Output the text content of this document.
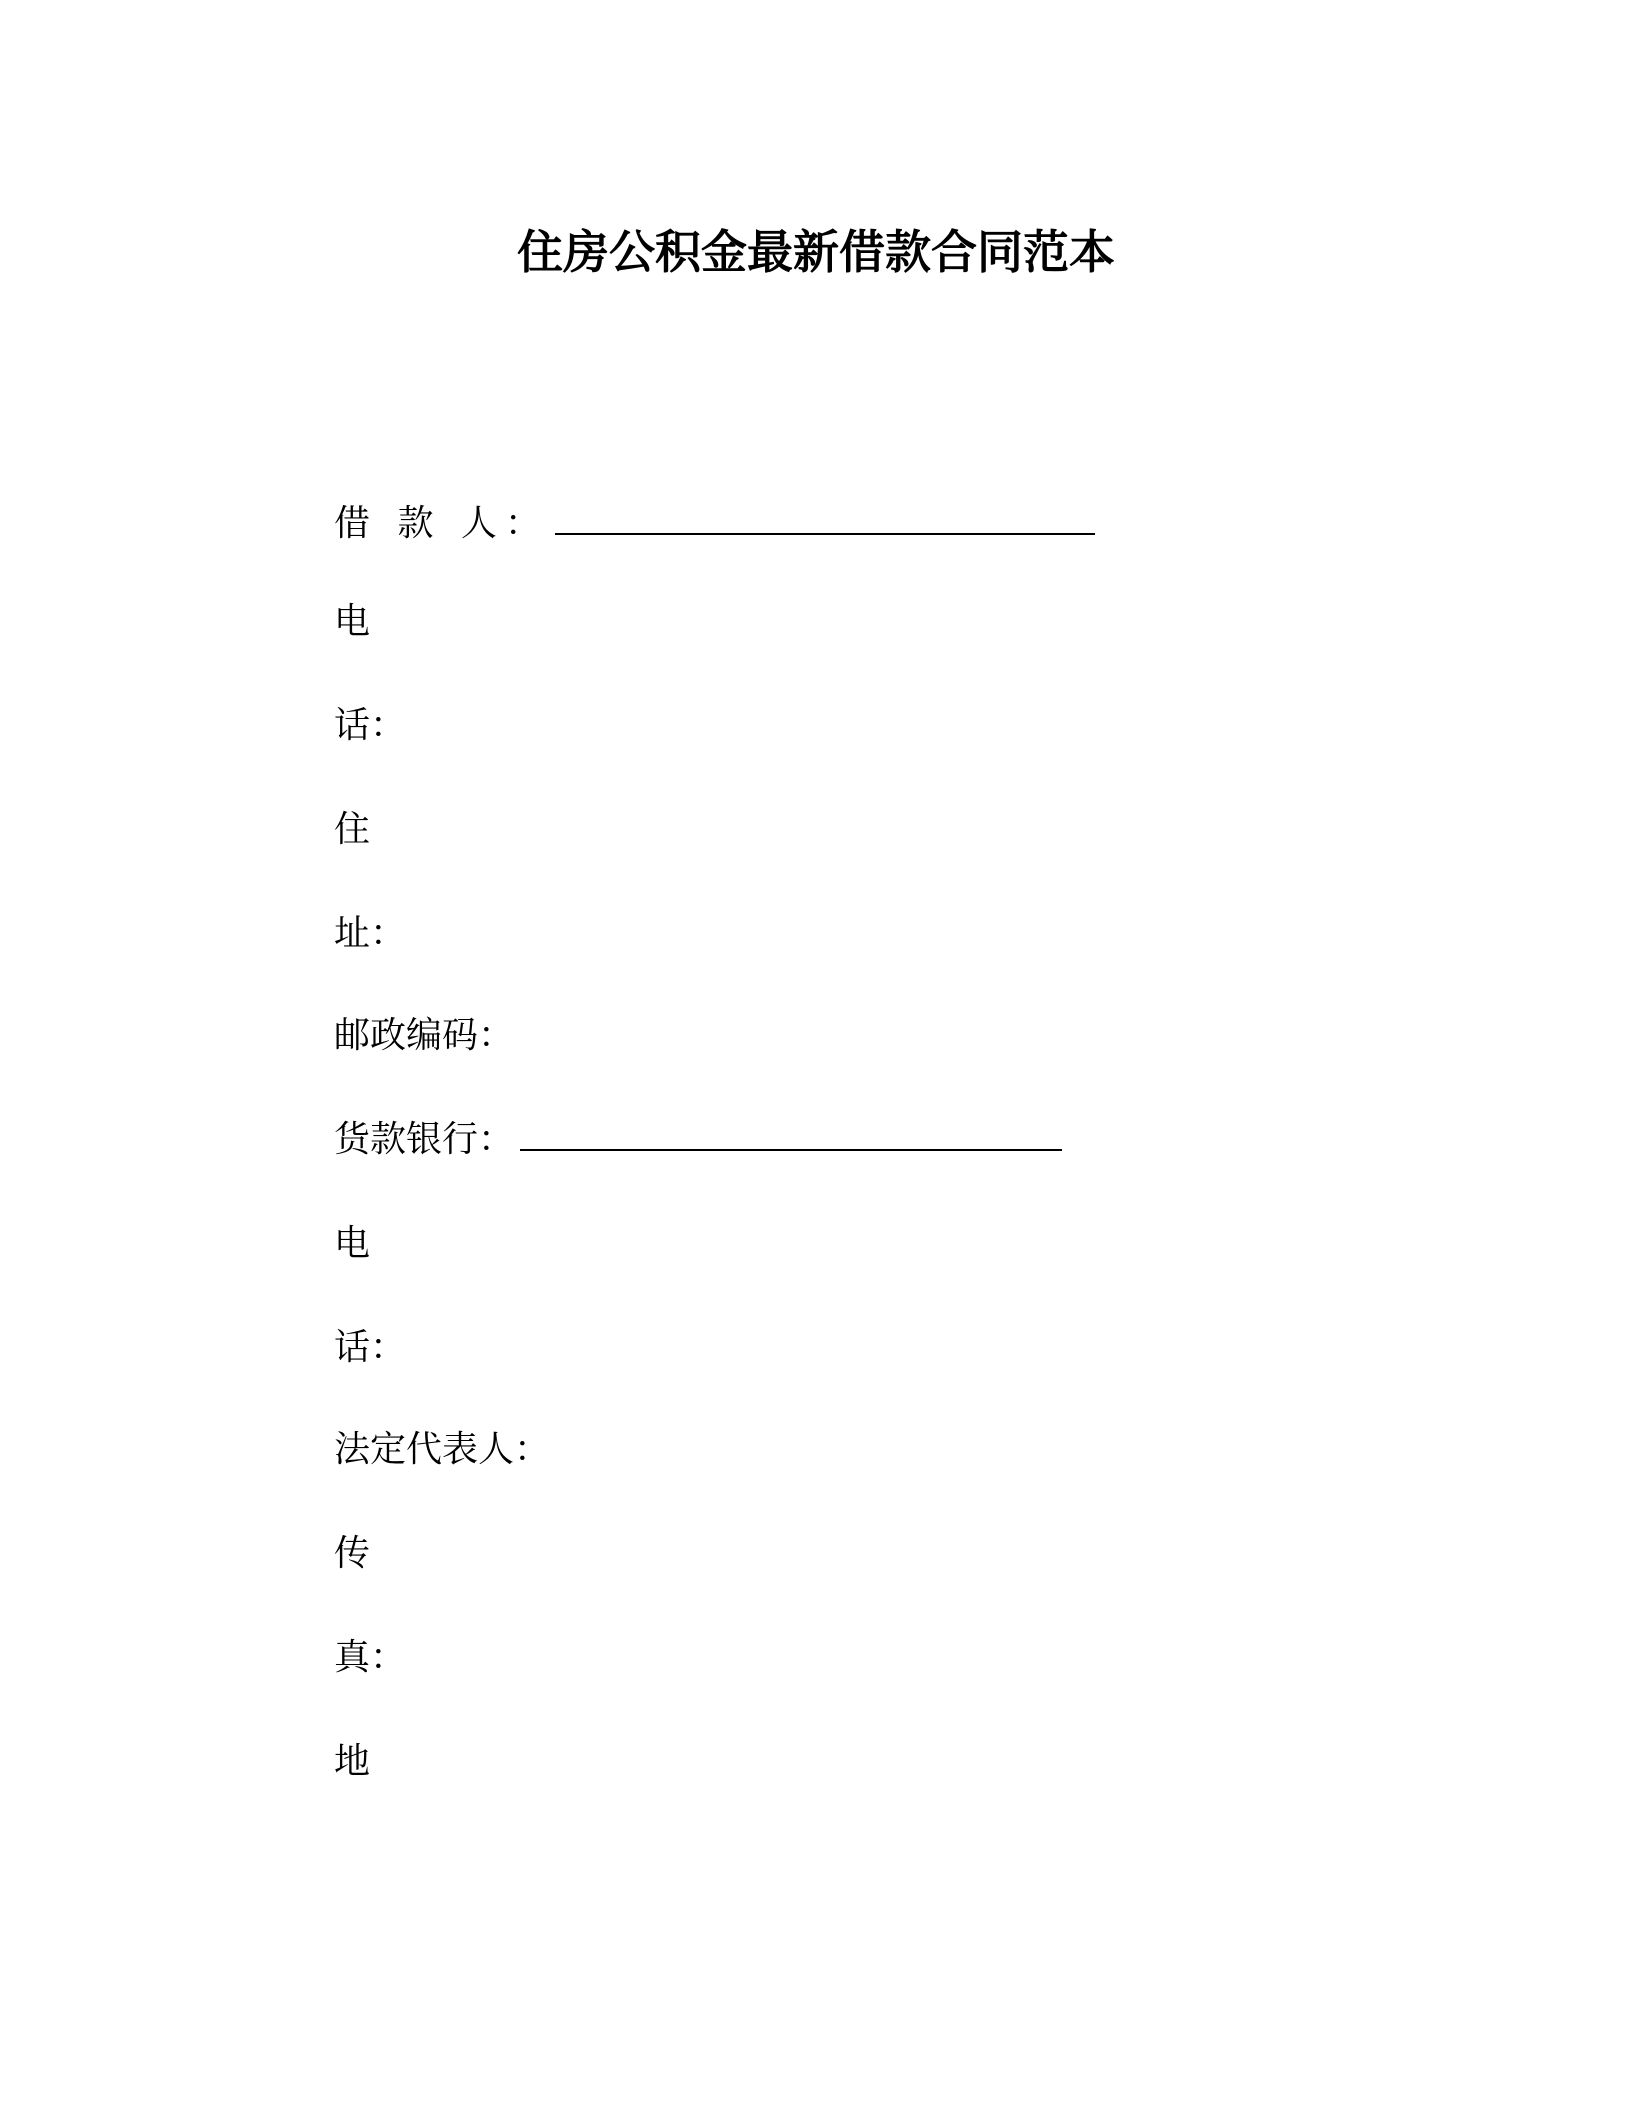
住房公积金最新借款合同范本
借 款 人：
电
话：
住
址：
邮政编码：
货款银行：
电
话：
法定代表人：
传
真：
地
